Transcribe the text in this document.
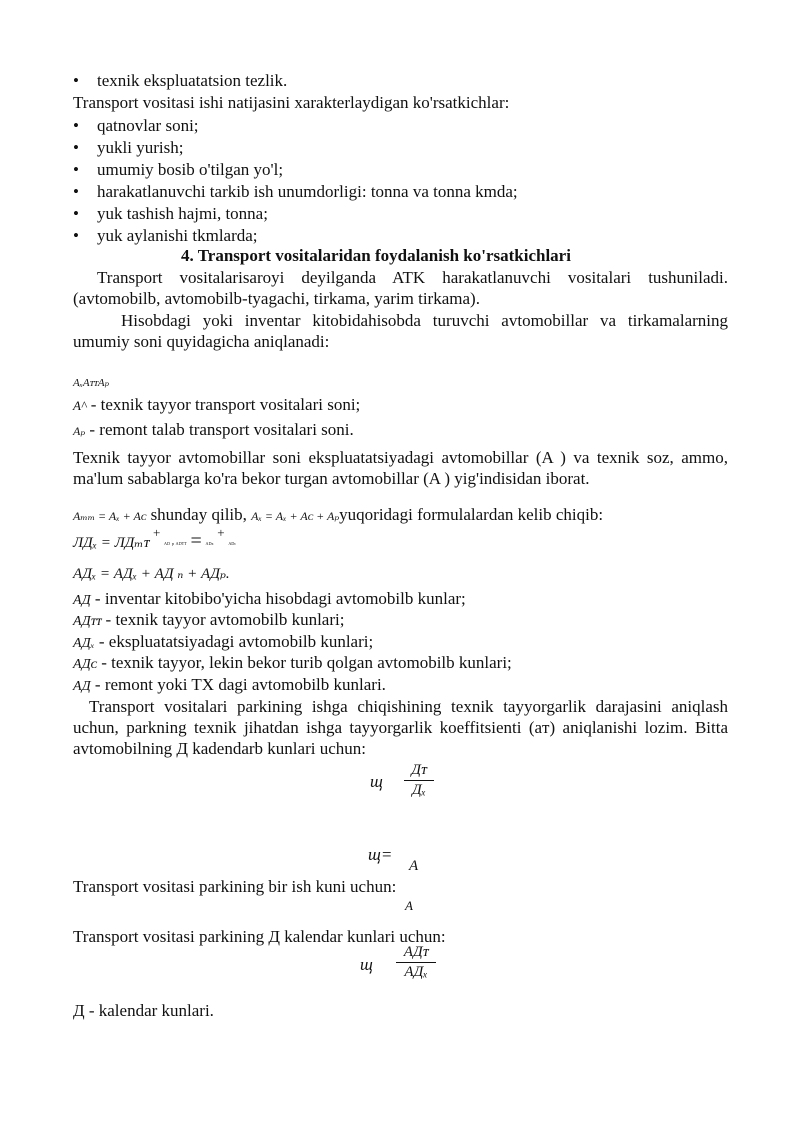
• texnik ekspluatatsion tezlik.
Transport vositasi ishi natijasini xarakterlaydigan ko'rsatkichlar:
• qatnovlar soni;
• yukli yurish;
• umumiy bosib o'tilgan yo'l;
• harakatlanuvchi tarkib ish unumdorligi: tonna va tonna kmda;
• yuk tashish hajmi, tonna;
• yuk aylanishi tkmlarda;
4. Transport vositalaridan foydalanish ko'rsatkichlari
Transport vositalarisaroyi deyilganda ATK harakatlanuvchi vositalari tushuniladi. (avtomobilb, avtomobilb-tyagachi, tirkama, yarim tirkama).
Hisobdagi yoki inventar kitobidahisobda turuvchi avtomobillar va tirkamalarning umumiy soni quyidagicha aniqlanadi:
AₓAᴛᴛAₚ
A^ - texnik tayyor transport vositalari soni;
Aₚ - remont talab transport vositalari soni.
Texnik tayyor avtomobillar soni ekspluatatsiyadagi avtomobillar (A ) va texnik soz, ammo, ma'lum sabablarga ko'ra bekor turgan avtomobillar (A ) yig'indisidan iborat.
Aₘₘ = Aₓ + Aᴄ shunday qilib, Aₓ = Aₓ + Aᴄ + Aₚyuqoridagi formulalardan kelib chiqib:
ЛДₓ = ЛДₘᴛ + ᴬᴰ ᵖ ᴬᴰᵀᵀ = ᴬᴰˣ + ᴬᴰᶜ
АДₓ = АДₓ + АД ₙ + АДₚ.
АД - inventar kitobibo'yicha hisobdagi avtomobilb kunlar;
АДᴛᴛ - texnik tayyor avtomobilb kunlari;
АДₓ - ekspluatatsiyadagi avtomobilb kunlari;
АДᴄ - texnik tayyor, lekin bekor turib qolgan avtomobilb kunlari;
АД - remont yoki TX dagi avtomobilb kunlari.
Transport vositalari parkining ishga chiqishining texnik tayyorgarlik darajasini aniqlash uchun, parkning texnik jihatdan ishga tayyorgarlik koeffitsienti (aᴛ) aniqlanishi lozim. Bitta avtomobilning Д kadendarb kunlari uchun:
щ
Дᴛ
Дₓ
щ=
A
Transport vositasi parkining bir ish kuni uchun:
A
Transport vositasi parkining Д kalendar kunlari uchun:
щ
АДᴛ
АДₓ
Д - kalendar kunlari.
